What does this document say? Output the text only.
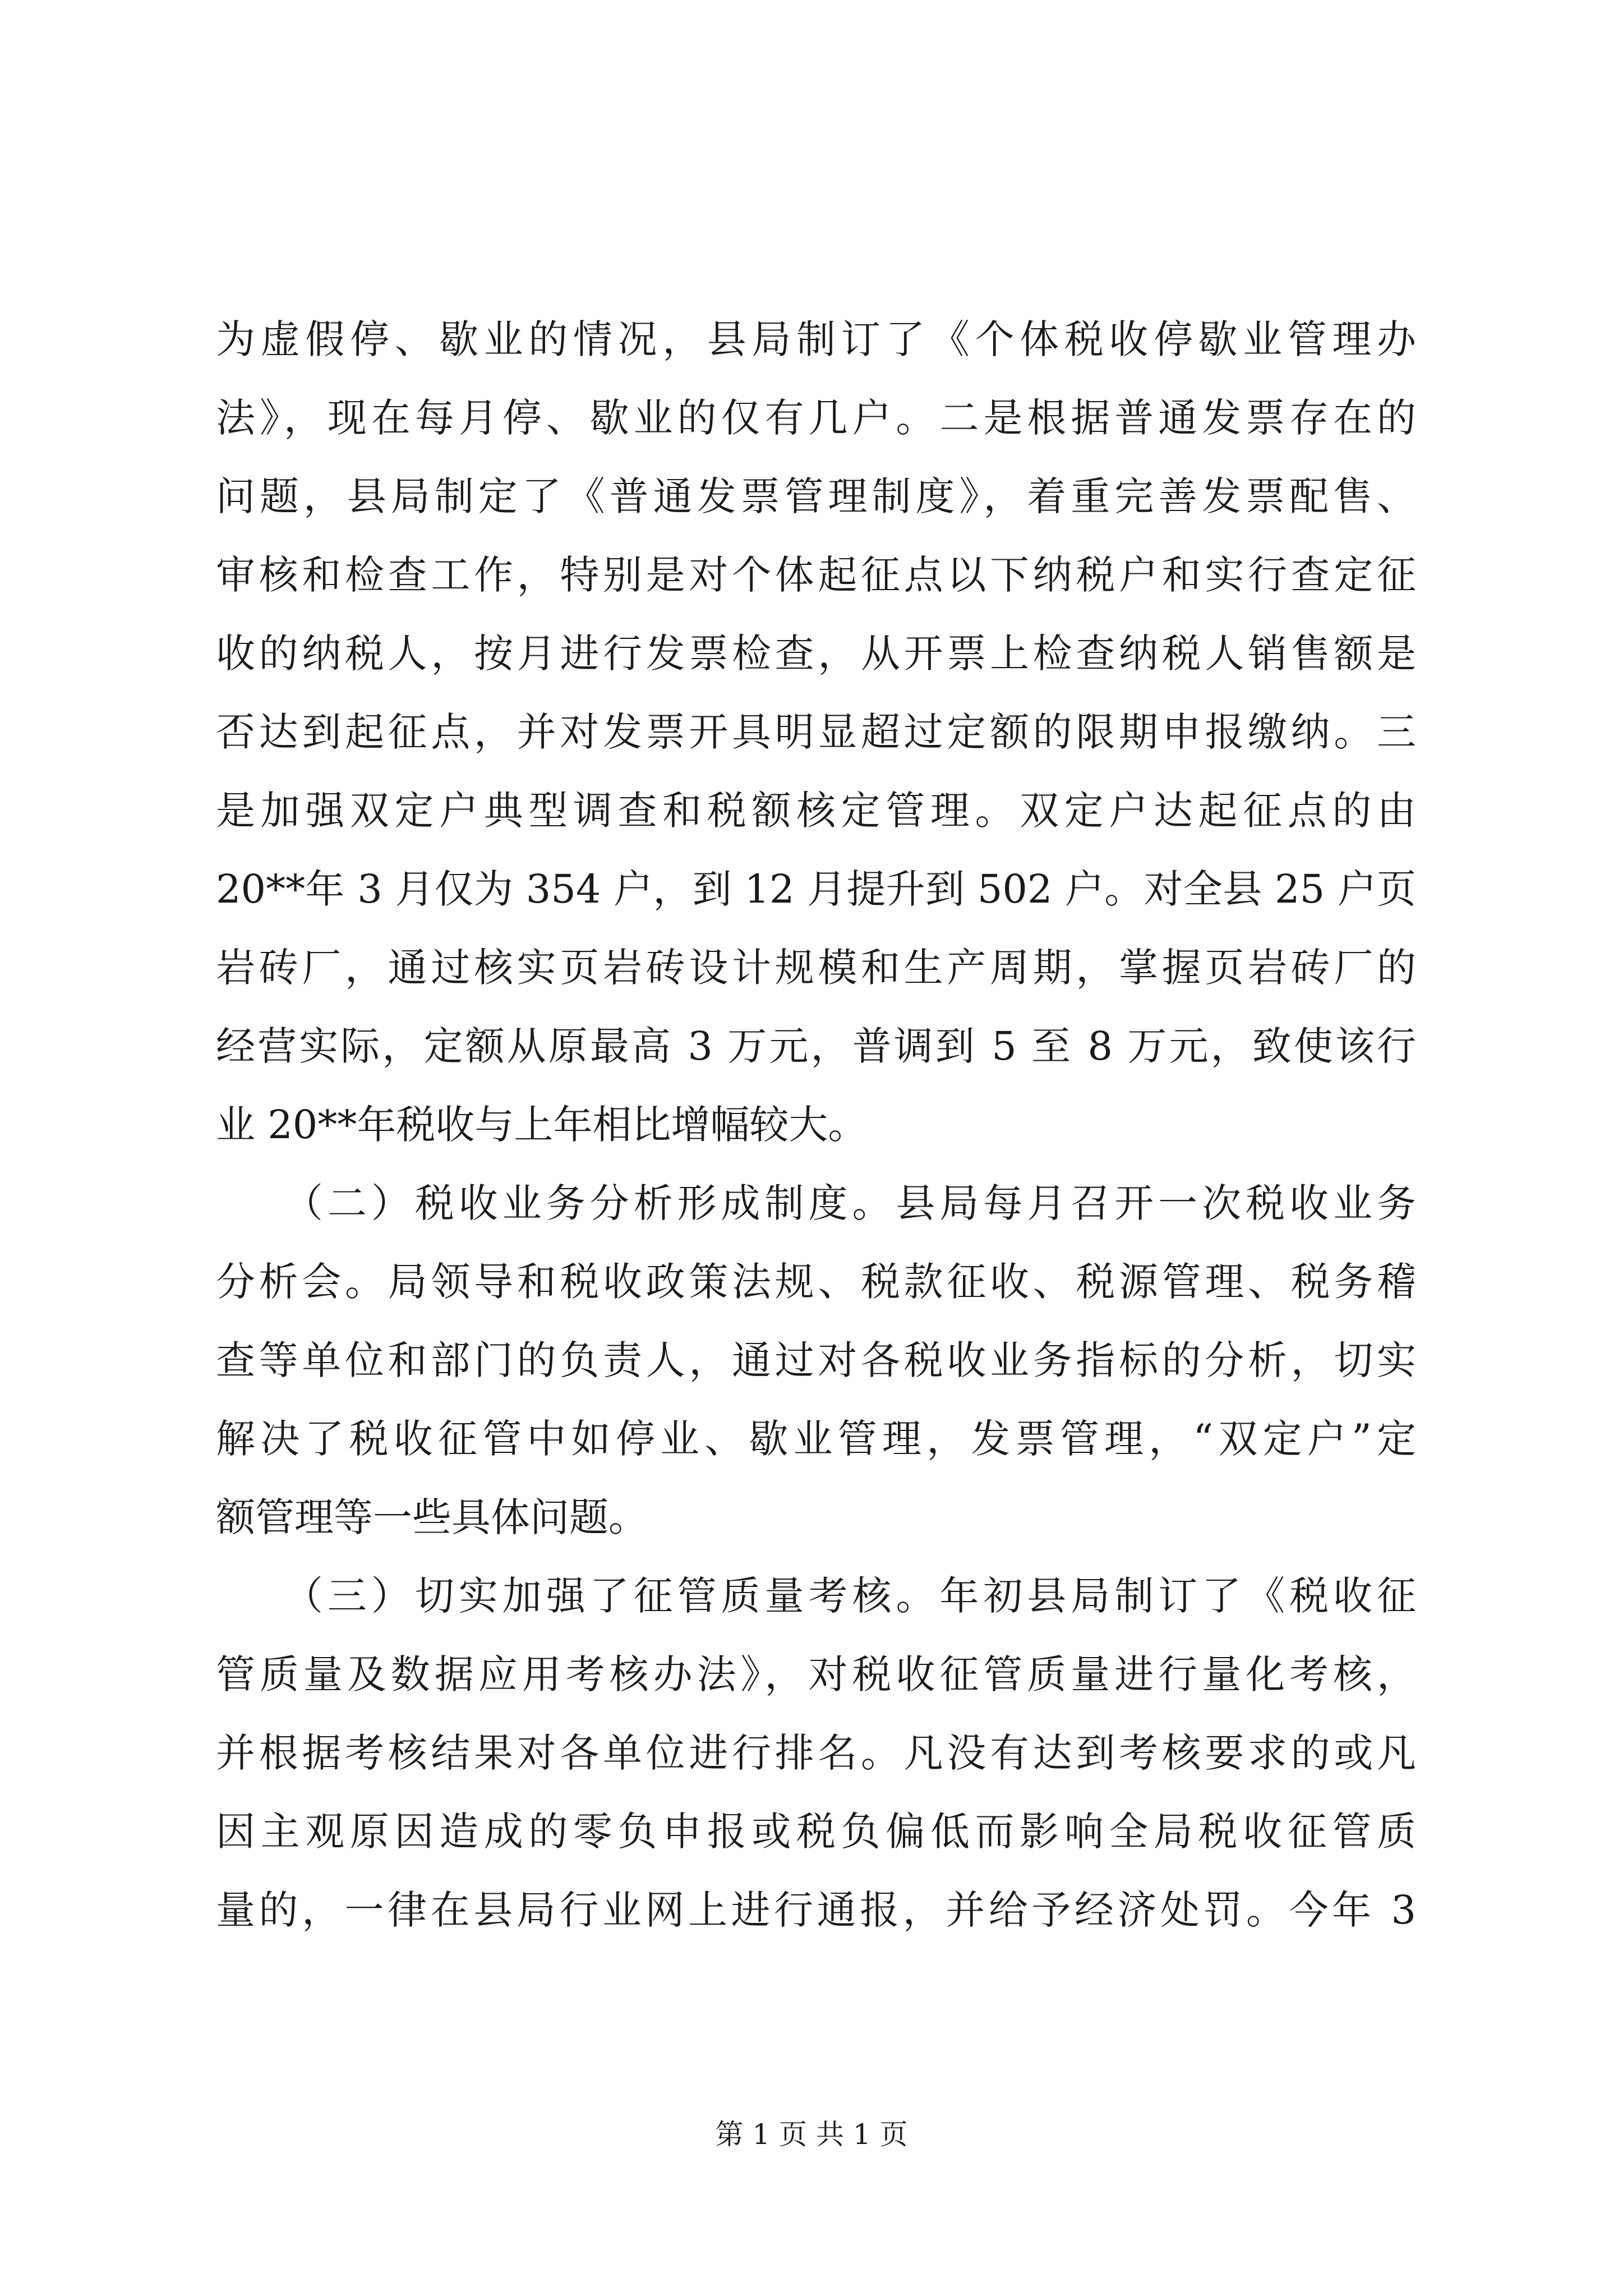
为虚假停、歇业的情况，县局制订了《个体税收停歇业管理办
法》，现在每月停、歇业的仅有几户。二是根据普通发票存在的
问题，县局制定了《普通发票管理制度》，着重完善发票配售、
审核和检查工作，特别是对个体起征点以下纳税户和实行查定征
收的纳税人，按月进行发票检查，从开票上检查纳税人销售额是
否达到起征点，并对发票开具明显超过定额的限期申报缴纳。三
是加强双定户典型调查和税额核定管理。双定户达起征点的由
20**年 3 月仅为 354 户，到 12 月提升到 502 户。对全县 25 户页
岩砖厂，通过核实页岩砖设计规模和生产周期，掌握页岩砖厂的
经营实际，定额从原最高 3 万元，普调到 5 至 8 万元，致使该行
业 20**年税收与上年相比增幅较大。
　　（二）税收业务分析形成制度。县局每月召开一次税收业务
分析会。局领导和税收政策法规、税款征收、税源管理、税务稽
查等单位和部门的负责人，通过对各税收业务指标的分析，切实
解决了税收征管中如停业、歇业管理，发票管理，“双定户”定
额管理等一些具体问题。
　　（三）切实加强了征管质量考核。年初县局制订了《税收征
管质量及数据应用考核办法》，对税收征管质量进行量化考核，
并根据考核结果对各单位进行排名。凡没有达到考核要求的或凡
因主观原因造成的零负申报或税负偏低而影响全局税收征管质
量的，一律在县局行业网上进行通报，并给予经济处罚。今年 3
第 1 页 共 1 页
